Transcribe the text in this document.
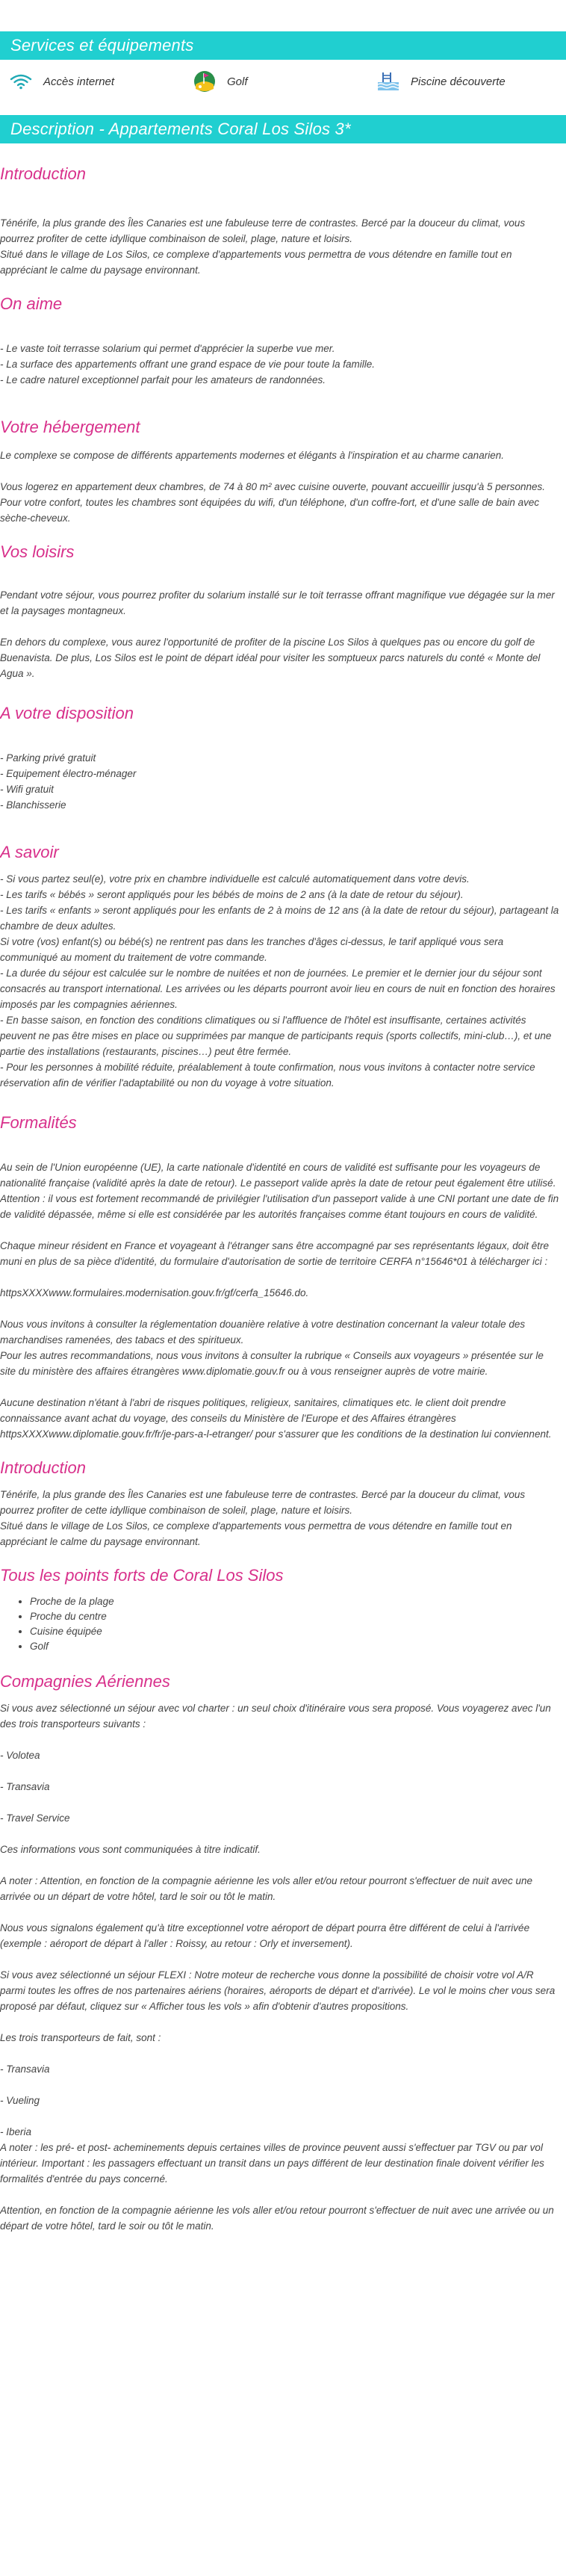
Services et équipements
Accès internet	Golf	Piscine découverte
Description - Appartements Coral Los Silos 3*
Introduction

Ténérife, la plus grande des Îles Canaries est une fabuleuse terre de contrastes. Bercé par la douceur du climat, vous pourrez profiter de cette idyllique combinaison de soleil, plage, nature et loisirs.

Situé dans le village de Los Silos, ce complexe d'appartements vous permettra de vous détendre en famille tout en appréciant le calme du paysage environnant.

On aime

- Le vaste toit terrasse solarium qui permet d'apprécier la superbe vue mer.

- La surface des appartements offrant une grand espace de vie pour toute la famille.

- Le cadre naturel exceptionnel parfait pour les amateurs de randonnées.

Votre hébergement

Le complexe se compose de différents appartements modernes et élégants à l'inspiration et au charme canarien.

Vous logerez en appartement deux chambres, de 74 à 80 m² avec cuisine ouverte, pouvant accueillir jusqu'à 5 personnes.

Pour votre confort, toutes les chambres sont équipées du wifi, d'un téléphone, d'un coffre-fort, et d'une salle de bain avec sèche-cheveux.

Vos loisirs

Pendant votre séjour, vous pourrez profiter du solarium installé sur le toit terrasse offrant magnifique vue dégagée sur la mer et la paysages montagneux.

En dehors du complexe, vous aurez l'opportunité de profiter de la piscine Los Silos à quelques pas ou encore du golf de Buenavista. De plus, Los Silos est le point de départ idéal pour visiter les somptueux parcs naturels du conté « Monte del Agua ».

A votre disposition

- Parking privé gratuit

- Equipement électro-ménager

- Wifi gratuit

- Blanchisserie

A savoir

- Si vous partez seul(e), votre prix en chambre individuelle est calculé automatiquement dans votre devis.
- Les tarifs « bébés » seront appliqués pour les bébés de moins de 2 ans (à la date de retour du séjour).
- Les tarifs « enfants » seront appliqués pour les enfants de 2 à moins de 12 ans (à la date de retour du séjour), partageant la chambre de deux adultes.
Si votre (vos) enfant(s) ou bébé(s) ne rentrent pas dans les tranches d'âges ci-dessus, le tarif appliqué vous sera communiqué au moment du traitement de votre commande.
- La durée du séjour est calculée sur le nombre de nuitées et non de journées. Le premier et le dernier jour du séjour sont consacrés au transport international. Les arrivées ou les départs pourront avoir lieu en cours de nuit en fonction des horaires imposés par les compagnies aériennes.
- En basse saison, en fonction des conditions climatiques ou si l'affluence de l'hôtel est insuffisante, certaines activités peuvent ne pas être mises en place ou supprimées par manque de participants requis (sports collectifs, mini-club…), et une partie des installations (restaurants, piscines…) peut être fermée.
- Pour les personnes à mobilité réduite, préalablement à toute confirmation, nous vous invitons à contacter notre service réservation afin de vérifier l'adaptabilité ou non du voyage à votre situation.

Formalités

Au sein de l'Union européenne (UE), la carte nationale d'identité en cours de validité est suffisante pour les voyageurs de nationalité française (validité après la date de retour). Le passeport valide après la date de retour peut également être utilisé. Attention : il vous est fortement recommandé de privilégier l'utilisation d'un passeport valide à une CNI portant une date de fin de validité dépassée, même si elle est considérée par les autorités françaises comme étant toujours en cours de validité.

Chaque mineur résident en France et voyageant à l'étranger sans être accompagné par ses représentants légaux, doit être muni en plus de sa pièce d'identité, du formulaire d'autorisation de sortie de territoire CERFA n°15646*01 à télécharger ici :

httpsXXXXwww.formulaires.modernisation.gouv.fr/gf/cerfa_15646.do.

Nous vous invitons à consulter la réglementation douanière relative à votre destination concernant la valeur totale des marchandises ramenées, des tabacs et des spiritueux.
Pour les autres recommandations, nous vous invitons à consulter la rubrique « Conseils aux voyageurs » présentée sur le site du ministère des affaires étrangères www.diplomatie.gouv.fr ou à vous renseigner auprès de votre mairie.

Aucune destination n'étant à l'abri de risques politiques, religieux, sanitaires, climatiques etc. le client doit prendre connaissance avant achat du voyage, des conseils du Ministère de l'Europe et des Affaires étrangères httpsXXXXwww.diplomatie.gouv.fr/fr/je-pars-a-l-etranger/ pour s'assurer que les conditions de la destination lui conviennent.

Introduction

Ténérife, la plus grande des Îles Canaries est une fabuleuse terre de contrastes. Bercé par la douceur du climat, vous pourrez profiter de cette idyllique combinaison de soleil, plage, nature et loisirs.
Situé dans le village de Los Silos, ce complexe d'appartements vous permettra de vous détendre en famille tout en appréciant le calme du paysage environnant.

Tous les points forts de Coral Los Silos
• Proche de la plage
• Proche du centre
• Cuisine équipée
• Golf
Compagnies Aériennes

Si vous avez sélectionné un séjour avec vol charter : un seul choix d'itinéraire vous sera proposé. Vous voyagerez avec l'un des trois transporteurs suivants :

- Volotea

- Transavia

- Travel Service

Ces informations vous sont communiquées à titre indicatif.

A noter : Attention, en fonction de la compagnie aérienne les vols aller et/ou retour pourront s'effectuer de nuit avec une arrivée ou un départ de votre hôtel, tard le soir ou tôt le matin.

Nous vous signalons également qu'à titre exceptionnel votre aéroport de départ pourra être différent de celui à l'arrivée (exemple : aéroport de départ à l'aller : Roissy, au retour : Orly et inversement).

Si vous avez sélectionné un séjour FLEXI : Notre moteur de recherche vous donne la possibilité de choisir votre vol A/R parmi toutes les offres de nos partenaires aériens (horaires, aéroports de départ et d'arrivée). Le vol le moins cher vous sera proposé par défaut, cliquez sur « Afficher tous les vols » afin d'obtenir d'autres propositions.

Les trois transporteurs de fait, sont :

- Transavia

- Vueling

- Iberia

A noter : les pré- et post- acheminements depuis certaines villes de province peuvent aussi s'effectuer par TGV ou par vol intérieur. Important : les passagers effectuant un transit dans un pays différent de leur destination finale doivent vérifier les formalités d'entrée du pays concerné.

Attention, en fonction de la compagnie aérienne les vols aller et/ou retour pourront s'effectuer de nuit avec une arrivée ou un départ de votre hôtel, tard le soir ou tôt le matin.
